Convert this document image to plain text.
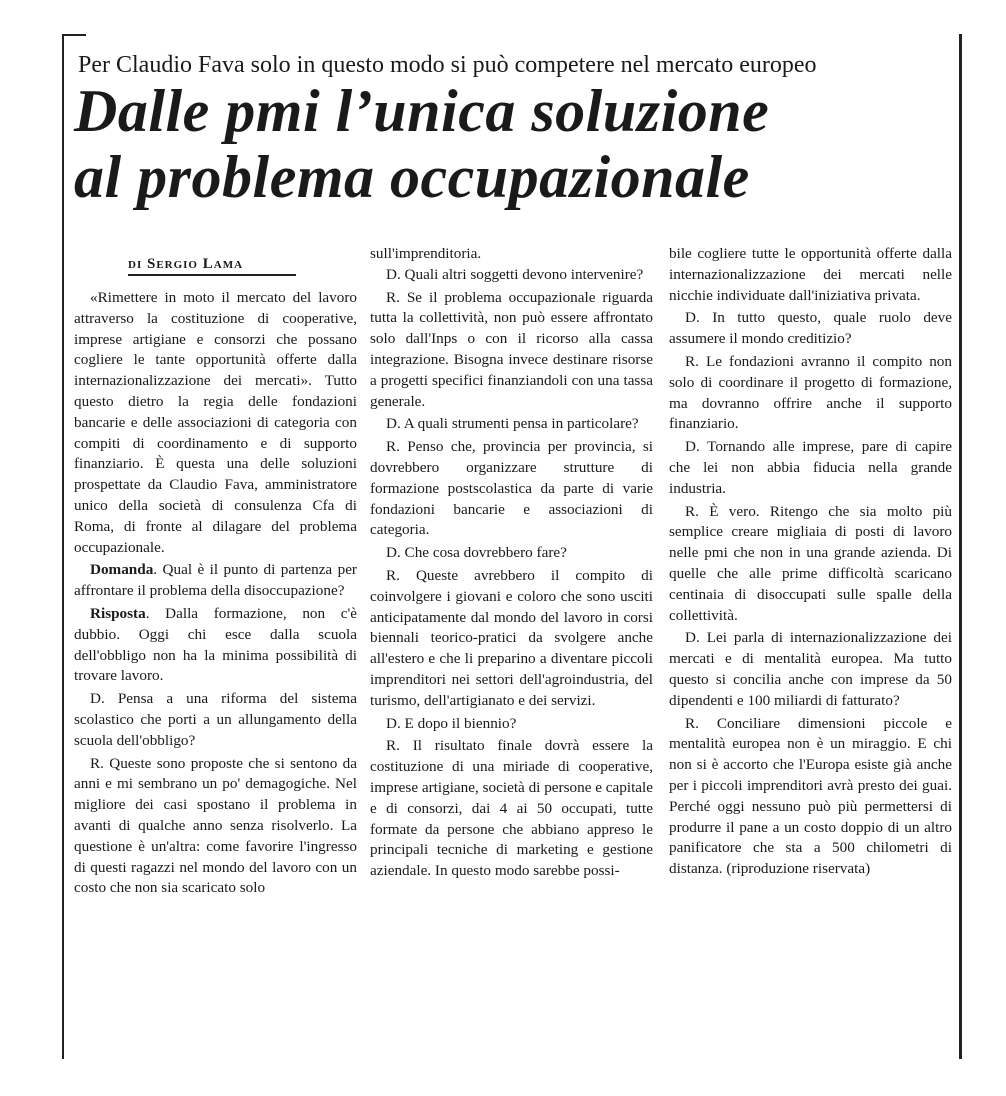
Per Claudio Fava solo in questo modo si può competere nel mercato europeo
Dalle pmi l’unica soluzione
al problema occupazionale
di Sergio Lama

«Rimettere in moto il mercato del lavoro attraverso la costituzione di cooperative, imprese artigiane e consorzi che possano cogliere le tante opportunità offerte dalla internazionalizzazione dei mercati». Tutto questo dietro la regia delle fondazioni bancarie e delle associazioni di categoria con compiti di coordinamento e di supporto finanziario. È questa una delle soluzioni prospettate da Claudio Fava, amministratore unico della società di consulenza Cfa di Roma, di fronte al dilagare del problema occupazionale.

Domanda. Qual è il punto di partenza per affrontare il problema della disoccupazione?

Risposta. Dalla formazione, non c'è dubbio. Oggi chi esce dalla scuola dell'obbligo non ha la minima possibilità di trovare lavoro.

D. Pensa a una riforma del sistema scolastico che porti a un allungamento della scuola dell'obbligo?

R. Queste sono proposte che si sentono da anni e mi sembrano un po' demagogiche. Nel migliore dei casi spostano il problema in avanti di qualche anno senza risolverlo. La questione è un'altra: come favorire l'ingresso di questi ragazzi nel mondo del lavoro con un costo che non sia scaricato solo

sull'imprenditoria.

D. Quali altri soggetti devono intervenire?

R. Se il problema occupazionale riguarda tutta la collettività, non può essere affrontato solo dall'Inps o con il ricorso alla cassa integrazione. Bisogna invece destinare risorse a progetti specifici finanziandoli con una tassa generale.

D. A quali strumenti pensa in particolare?

R. Penso che, provincia per provincia, si dovrebbero organizzare strutture di formazione postscolastica da parte di varie fondazioni bancarie e associazioni di categoria.

D. Che cosa dovrebbero fare?

R. Queste avrebbero il compito di coinvolgere i giovani e coloro che sono usciti anticipatamente dal mondo del lavoro in corsi biennali teorico-pratici da svolgere anche all'estero e che li preparino a diventare piccoli imprenditori nei settori dell'agroindustria, del turismo, dell'artigianato e dei servizi.

D. E dopo il biennio?

R. Il risultato finale dovrà essere la costituzione di una miriade di cooperative, imprese artigiane, società di persone e capitale e di consorzi, dai 4 ai 50 occupati, tutte formate da persone che abbiano appreso le principali tecniche di marketing e gestione aziendale. In questo modo sarebbe possi-

bile cogliere tutte le opportunità offerte dalla internazionalizzazione dei mercati nelle nicchie individuate dall'iniziativa privata.

D. In tutto questo, quale ruolo deve assumere il mondo creditizio?

R. Le fondazioni avranno il compito non solo di coordinare il progetto di formazione, ma dovranno offrire anche il supporto finanziario.

D. Tornando alle imprese, pare di capire che lei non abbia fiducia nella grande industria.

R. È vero. Ritengo che sia molto più semplice creare migliaia di posti di lavoro nelle pmi che non in una grande azienda. Di quelle che alle prime difficoltà scaricano centinaia di disoccupati sulle spalle della collettività.

D. Lei parla di internazionalizzazione dei mercati e di mentalità europea. Ma tutto questo si concilia anche con imprese da 50 dipendenti e 100 miliardi di fatturato?

R. Conciliare dimensioni piccole e mentalità europea non è un miraggio. E chi non si è accorto che l'Europa esiste già anche per i piccoli imprenditori avrà presto dei guai. Perché oggi nessuno può più permettersi di produrre il pane a un costo doppio di un altro panificatore che sta a 500 chilometri di distanza. (riproduzione riservata)
